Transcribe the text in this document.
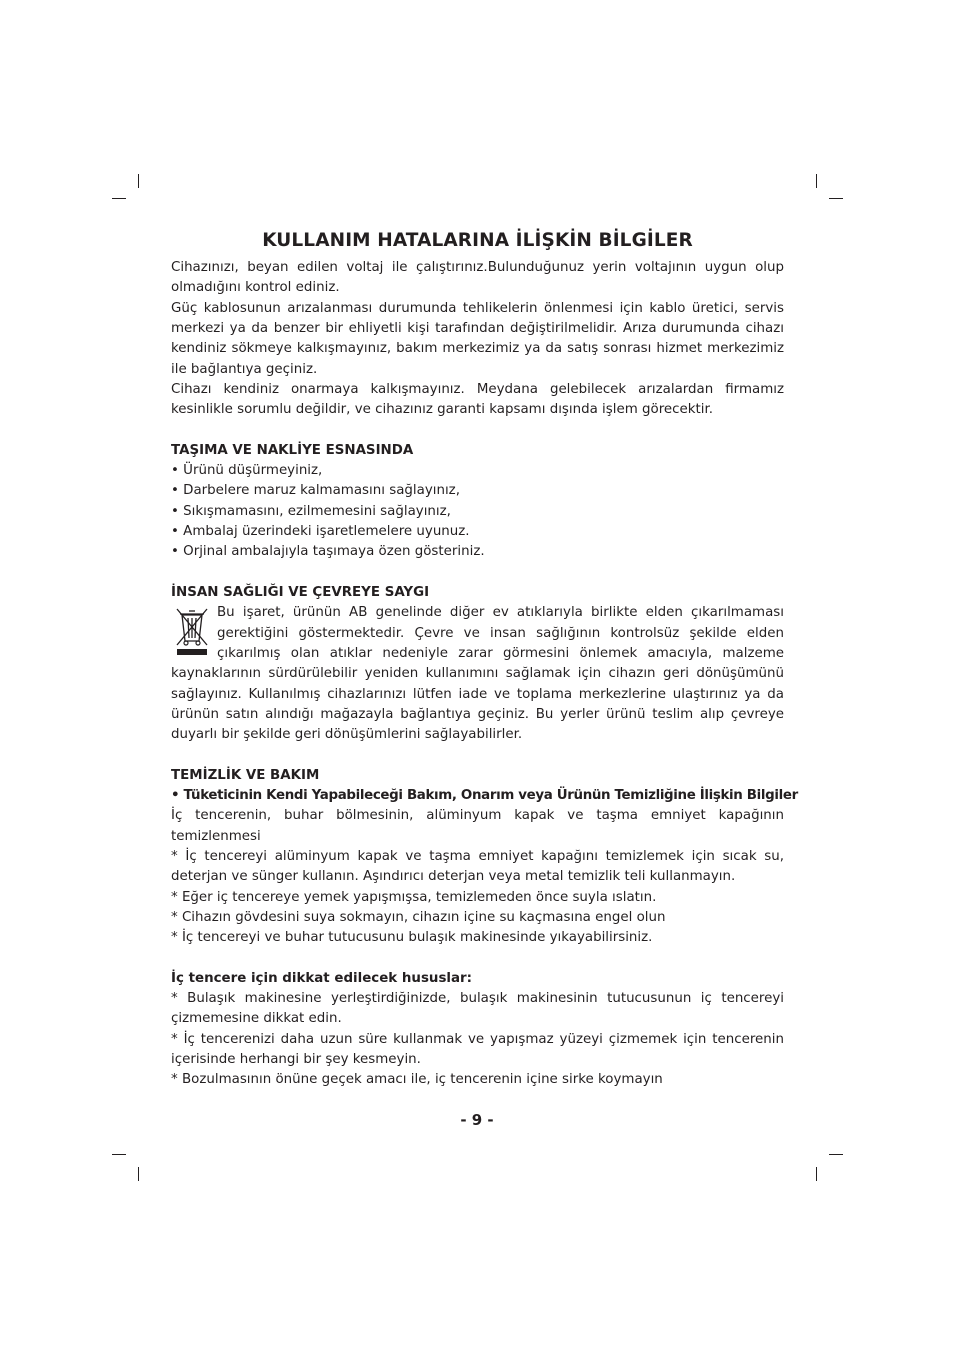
KULLANIM HATALARINA İLİŞKİN BİLGİLER

Cihazınızı, beyan edilen voltaj ile çalıştırınız.Bulunduğunuz yerin voltajının uygun olup olmadığını kontrol ediniz.

Güç kablosunun arızalanması durumunda tehlikelerin önlenmesi için kablo üretici, servis merkezi ya da benzer bir ehliyetli kişi tarafından değiştirilmelidir. Arıza durumunda cihazı kendiniz sökmeye kalkışmayınız, bakım merkezimiz ya da satış sonrası hizmet merkezimiz ile bağlantıya geçiniz.

Cihazı kendiniz onarmaya kalkışmayınız. Meydana gelebilecek arızalardan firmamız kesinlikle sorumlu değildir, ve cihazınız garanti kapsamı dışında işlem görecektir.

TAŞIMA VE NAKLİYE ESNASINDA

• Ürünü düşürmeyiniz,

• Darbelere maruz kalmamasını sağlayınız,

• Sıkışmamasını, ezilmemesini sağlayınız,

• Ambalaj üzerindeki işaretlemelere uyunuz.

• Orjinal ambalajıyla taşımaya özen gösteriniz.

İNSAN SAĞLIĞI VE ÇEVREYE SAYGI

Bu işaret, ürünün AB genelinde diğer ev atıklarıyla birlikte elden çıkarılmaması gerektiğini göstermektedir. Çevre ve insan sağlığının kontrolsüz şekilde elden çıkarılmış olan atıklar nedeniyle zarar görmesini önlemek amacıyla, malzeme kaynaklarının sürdürülebilir yeniden kullanımını sağlamak için cihazın geri dönüşümünü sağlayınız. Kullanılmış cihazlarınızı lütfen iade ve toplama merkezlerine ulaştırınız ya da ürünün satın alındığı mağazayla bağlantıya geçiniz. Bu yerler ürünü teslim alıp çevreye duyarlı bir şekilde geri dönüşümlerini sağlayabilirler.

TEMİZLİK VE BAKIM

• Tüketicinin Kendi Yapabileceği Bakım, Onarım veya Ürünün Temizliğine İlişkin Bilgiler

İç tencerenin, buhar bölmesinin, alüminyum kapak ve taşma emniyet kapağının temizlenmesi

* İç tencereyi alüminyum kapak ve taşma emniyet kapağını temizlemek için sıcak su, deterjan ve sünger kullanın. Aşındırıcı deterjan veya metal temizlik teli kullanmayın.

* Eğer iç tencereye yemek yapışmışsa, temizlemeden önce suyla ıslatın.

* Cihazın gövdesini suya sokmayın, cihazın içine su kaçmasına engel olun

* İç tencereyi ve buhar tutucusunu bulaşık makinesinde yıkayabilirsiniz.

İç tencere için dikkat edilecek hususlar:

* Bulaşık makinesine yerleştirdiğinizde, bulaşık makinesinin tutucusunun iç tencereyi çizmemesine dikkat edin.

* İç tencerenizi daha uzun süre kullanmak ve yapışmaz yüzeyi çizmemek için tencerenin içerisinde herhangi bir şey kesmeyin.

* Bozulmasının önüne geçek amacı ile, iç tencerenin içine sirke koymayın

- 9 -
